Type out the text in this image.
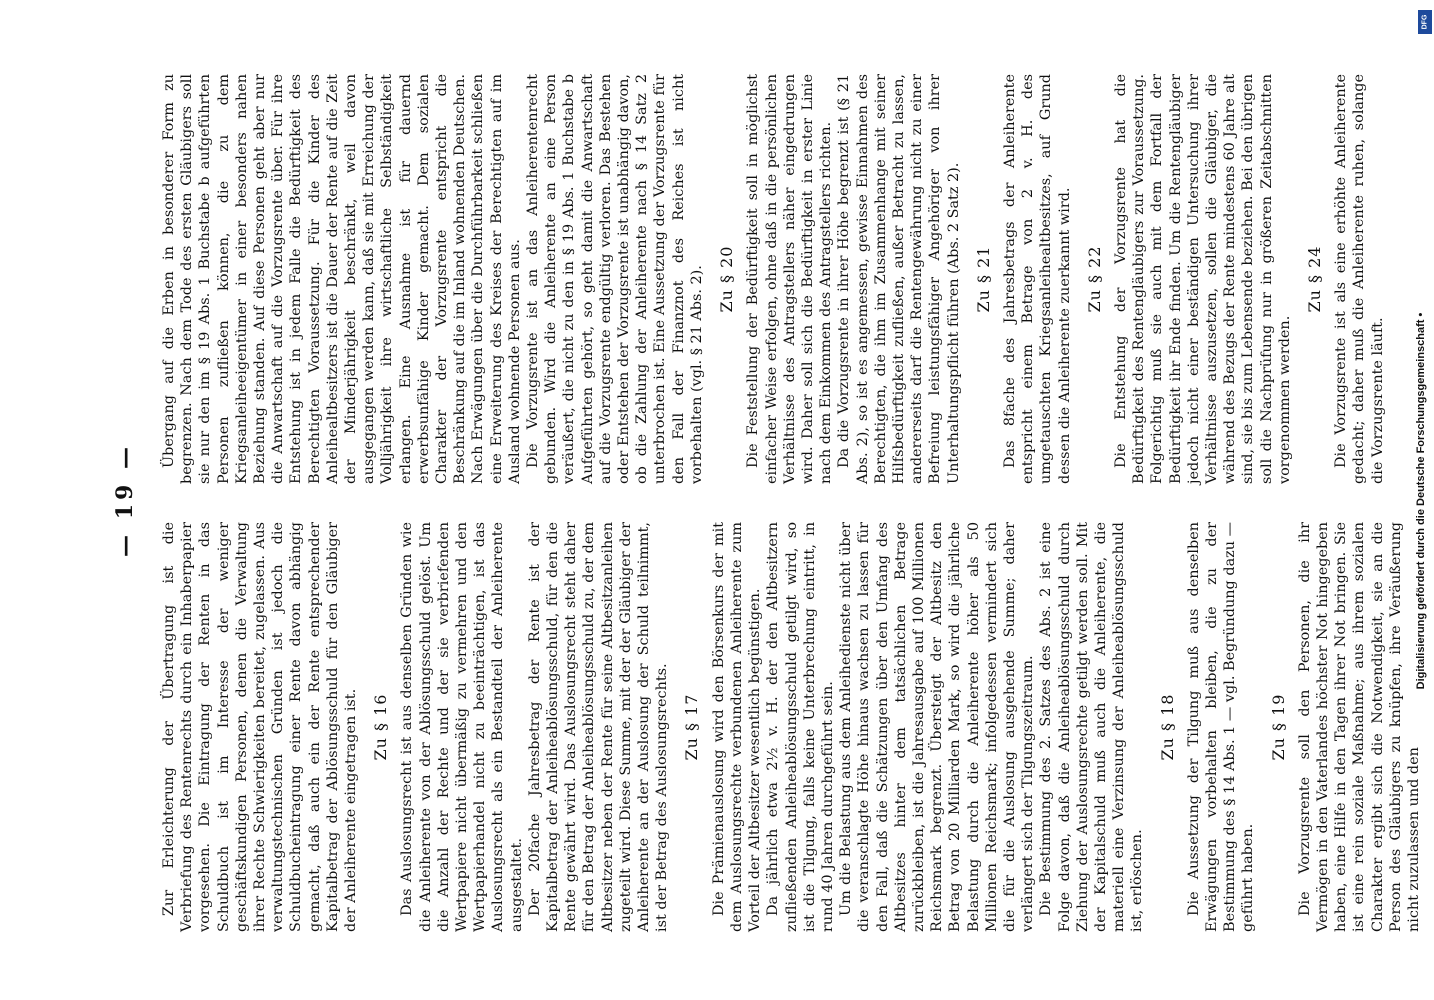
— 19 —

Zur Erleichterung der Übertragung ist die Verbriefung des Rentenrechts durch ein Inhaberpapier vorgesehen. Die Eintragung der Renten in das Schuldbuch ist im Interesse der weniger geschäftskundigen Personen, denen die Verwaltung ihrer Rechte Schwierigkeiten bereitet, zugelassen. Aus verwaltungstechnischen Gründen ist jedoch die Schuldbucheintragung einer Rente davon abhängig gemacht, daß auch ein der Rente entsprechender Kapitalbetrag der Ablösungsschuld für den Gläubiger der Anleiherente eingetragen ist. Zu § 16 Das Auslosungsrecht ist aus denselben Gründen wie die Anleiherente von der Ablösungsschuld gelöst. Um die Anzahl der Rechte und der sie verbriefenden Wertpapiere nicht übermäßig zu vermehren und den Wertpapierhandel nicht zu beeinträchtigen, ist das Auslosungsrecht als ein Bestandteil der Anleiherente ausgestaltet. Der 20fache Jahresbetrag der Rente ist der Kapitalbetrag der Anleiheablösungsschuld, für den die Rente gewährt wird. Das Auslosungsrecht steht daher für den Betrag der Anleiheablösungsschuld zu, der dem Altbesitzer neben der Rente für seine Altbesitzanleihen zugeteilt wird. Diese Summe, mit der der Gläubiger der Anleiherente an der Auslosung der Schuld teilnimmt, ist der Betrag des Auslosungsrechts. Zu § 17 Die Prämienauslosung wird den Börsenkurs der mit dem Auslosungsrechte verbundenen Anleiherente zum Vorteil der Altbesitzer wesentlich begünstigen. Da jährlich etwa 2½ v. H. der den Altbesitzern zufließenden Anleiheablösungsschuld getilgt wird, so ist die Tilgung, falls keine Unterbrechung eintritt, in rund 40 Jahren durchgeführt sein. Um die Belastung aus dem Anleihedienste nicht über die veranschlagte Höhe hinaus wachsen zu lassen für den Fall, daß die Schätzungen über den Umfang des Altbesitzes hinter dem tatsächlichen Betrage zurückbleiben, ist die Jahresausgabe auf 100 Millionen Reichsmark begrenzt. Übersteigt der Altbesitz den Betrag von 20 Milliarden Mark, so wird die jährliche Belastung durch die Anleiherente höher als 50 Millionen Reichsmark; infolgedessen vermindert sich die für die Auslosung ausgehende Summe; daher verlängert sich der Tilgungszeitraum. Die Bestimmung des 2. Satzes des Abs. 2 ist eine Folge davon, daß die Anleiheablösungsschuld durch Ziehung der Auslosungsrechte getilgt werden soll. Mit der Kapitalschuld muß auch die Anleiherente, die materiell eine Verzinsung der Anleiheablösungsschuld ist, erlöschen.

Zu § 18 Die Aussetzung der Tilgung muß aus denselben Erwägungen vorbehalten bleiben, die zu der Bestimmung des § 14 Abs. 1 — vgl. Begründung dazu — geführt haben.

Zu § 19 Die Vorzugsrente soll den Personen, die ihr Vermögen in den Vaterlandes höchster Not hingegeben haben, eine Hilfe in den Tagen ihrer Not bringen. Sie ist eine rein soziale Maßnahme; aus ihrem sozialen Charakter ergibt sich die Notwendigkeit, sie an die Person des Gläubigers zu knüpfen, ihre Veräußerung nicht zuzulassen und den

Übergang auf die Erben in besonderer Form zu begrenzen. Nach dem Tode des ersten Gläubigers soll sie nur den im § 19 Abs. 1 Buchstabe b aufgeführten Personen zufließen können, die zu dem Kriegsanleiheeigentümer in einer besonders nahen Beziehung standen. Auf diese Personen geht aber nur die Anwartschaft auf die Vorzugsrente über. Für ihre Entstehung ist in jedem Falle die Bedürftigkeit des Berechtigten Voraussetzung. Für die Kinder des Anleihealtbesitzers ist die Dauer der Rente auf die Zeit der Minderjährigkeit beschränkt, weil davon ausgegangen werden kann, daß sie mit Erreichung der Volljährigkeit ihre wirtschaftliche Selbständigkeit erlangen. Eine Ausnahme ist für dauernd erwerbsunfähige Kinder gemacht. Dem sozialen Charakter der Vorzugsrente entspricht die Beschränkung auf die im Inland wohnenden Deutschen. Nach Erwägungen über die Durchführbarkeit schließen eine Erweiterung des Kreises der Berechtigten auf im Ausland wohnende Personen aus. Die Vorzugsrente ist an das Anleiherentenrecht gebunden. Wird die Anleiherente an eine Person veräußert, die nicht zu den in § 19 Abs. 1 Buchstabe b Aufgeführten gehört, so geht damit die Anwartschaft auf die Vorzugsrente endgültig verloren. Das Bestehen oder Entstehen der Vorzugsrente ist unabhängig davon, ob die Zahlung der Anleiherente nach § 14 Satz 2 unterbrochen ist. Eine Aussetzung der Vorzugsrente für den Fall der Finanznot des Reiches ist nicht vorbehalten (vgl. § 21 Abs. 2). Zu § 20 Die Feststellung der Bedürftigkeit soll in möglichst einfacher Weise erfolgen, ohne daß in die persönlichen Verhältnisse des Antragstellers näher eingedrungen wird. Daher soll sich die Bedürftigkeit in erster Linie nach dem Einkommen des Antragstellers richten. Da die Vorzugsrente in ihrer Höhe begrenzt ist (§ 21 Abs. 2), so ist es angemessen, gewisse Einnahmen des Berechtigten, die ihm im Zusammenhange mit seiner Hilfsbedürftigkeit zufließen, außer Betracht zu lassen, andererseits darf die Rentengewährung nicht zu einer Befreiung leistungsfähiger Angehöriger von ihrer Unterhaltungspflicht führen (Abs. 2 Satz 2). Zu § 21 Das 8fache des Jahresbetrags der Anleiherente entspricht einem Betrage von 2 v. H. des umgetauschten Kriegsanleihealtbesitzes, auf Grund dessen die Anleiherente zuerkannt wird. Zu § 22 Die Entstehung der Vorzugsrente hat die Bedürftigkeit des Rentengläubigers zur Voraussetzung. Folgerichtig muß sie auch mit dem Fortfall der Bedürftigkeit ihr Ende finden. Um die Rentengläubiger jedoch nicht einer beständigen Untersuchung ihrer Verhältnisse auszusetzen, sollen die Gläubiger, die während des Bezugs der Rente mindestens 60 Jahre alt sind, sie bis zum Lebensende beziehen. Bei den übrigen soll die Nachprüfung nur in größeren Zeitabschnitten vorgenommen werden.

Zu § 24 Die Vorzugsrente ist als eine erhöhte Anleiherente gedacht; daher muß die Anleiherente ruhen, solange die Vorzugsrente läuft.

DFG
Digitalisierung gefördert durch die Deutsche Forschungsgemeinschaft •
